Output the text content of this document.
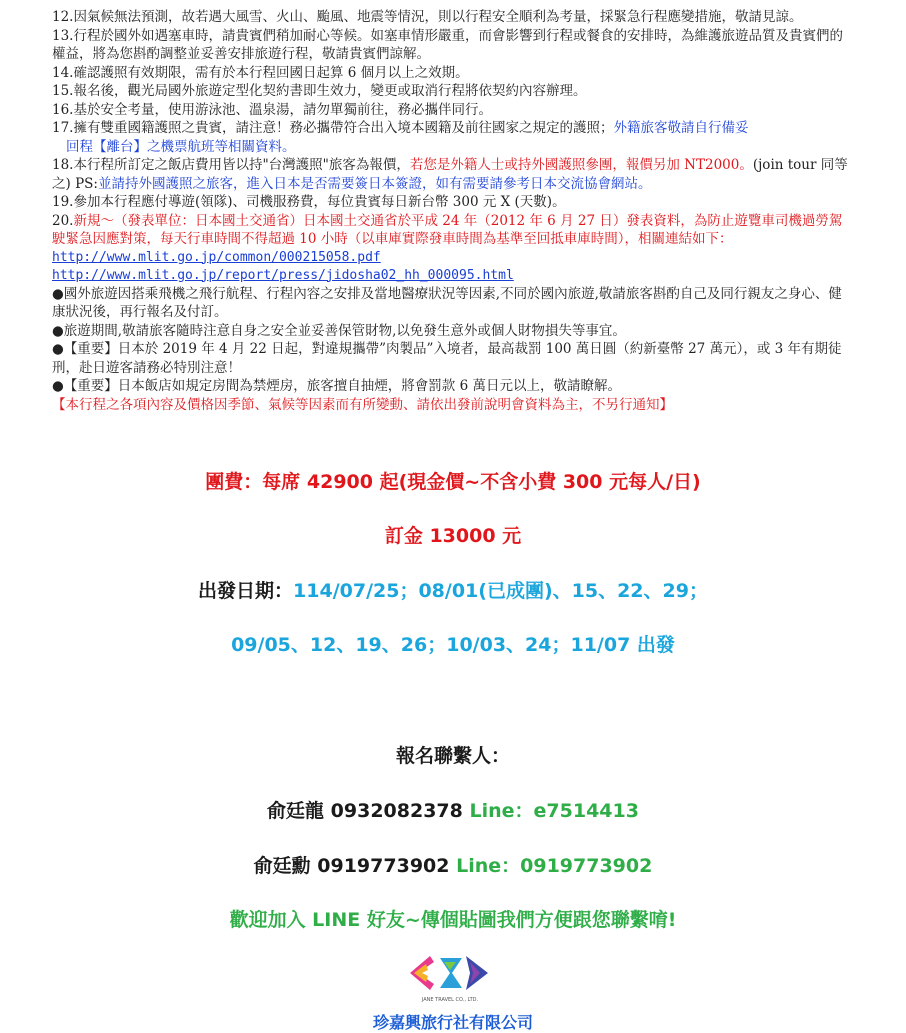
12.因氣候無法預測，故若遇大風雪、火山、颱風、地震等情況，則以行程安全順利為考量，採緊急行程應變措施，敬請見諒。

13.行程於國外如遇塞車時，請貴賓們稍加耐心等候。如塞車情形嚴重，而會影響到行程或餐食的安排時，為維護旅遊品質及貴賓們的權益，將為您斟酌調整並妥善安排旅遊行程，敬請貴賓們諒解。

14.確認護照有效期限，需有於本行程回國日起算 6 個月以上之效期。

15.報名後，觀光局國外旅遊定型化契約書即生效力，變更或取消行程將依契約內容辦理。

16.基於安全考量，使用游泳池、溫泉湯，請勿單獨前往，務必攜伴同行。

17.擁有雙重國籍護照之貴賓，請注意！務必攜帶符合出入境本國籍及前往國家之規定的護照；外籍旅客敬請自行備妥
回程【離台】之機票航班等相關資料。

18.本行程所訂定之飯店費用皆以持"台灣護照"旅客為報價，若您是外籍人士或持外國護照參團，報價另加 NT2000。(join tour 同等之) PS:並請持外國護照之旅客，進入日本是否需要簽日本簽證，如有需要請參考日本交流協會網站。

19.參加本行程應付導遊(領隊)、司機服務費，每位貴賓每日新台幣 300 元 X (天數)。

20.新規～（發表單位：日本國土交通省）日本國土交通省於平成 24 年（2012 年 6 月 27 日）發表資料，為防止遊覽車司機過勞駕駛緊急因應對策，每天行車時間不得超過 10 小時（以車庫實際發車時間為基準至回抵車庫時間），相關連結如下：

http://www.mlit.go.jp/common/000215058.pdf
http://www.mlit.go.jp/report/press/jidosha02_hh_000095.html

●國外旅遊因搭乘飛機之飛行航程、行程內容之安排及當地醫療狀況等因素,不同於國內旅遊,敬請旅客斟酌自己及同行親友之身心、健康狀況後，再行報名及付訂。

●旅遊期間,敬請旅客隨時注意自身之安全並妥善保管財物,以免發生意外或個人財物損失等事宜。

●【重要】日本於 2019 年 4 月 22 日起，對違規攜帶”肉製品”入境者，最高裁罰 100 萬日圓（約新臺幣 27 萬元），或 3 年有期徒刑，赴日遊客請務必特別注意！

●【重要】日本飯店如規定房間為禁煙房，旅客擅自抽煙，將會罰款 6 萬日元以上，敬請瞭解。

【本行程之各項內容及價格因季節、氣候等因素而有所變動、請依出發前說明會資料為主，不另行通知】

團費：每席 42900 起(現金價~不含小費 300 元每人/日)
訂金 13000 元
出發日期：114/07/25；08/01(已成團)、15、22、29；
09/05、12、19、26；10/03、24；11/07 出發
報名聯繫人：
俞廷龍 0932082378 Line：e7514413
俞廷勳 0919773902 Line：0919773902
歡迎加入 LINE 好友~傳個貼圖我們方便跟您聯繫唷!
JANE TRAVEL CO., LTD.
珍嘉興旅行社有限公司
